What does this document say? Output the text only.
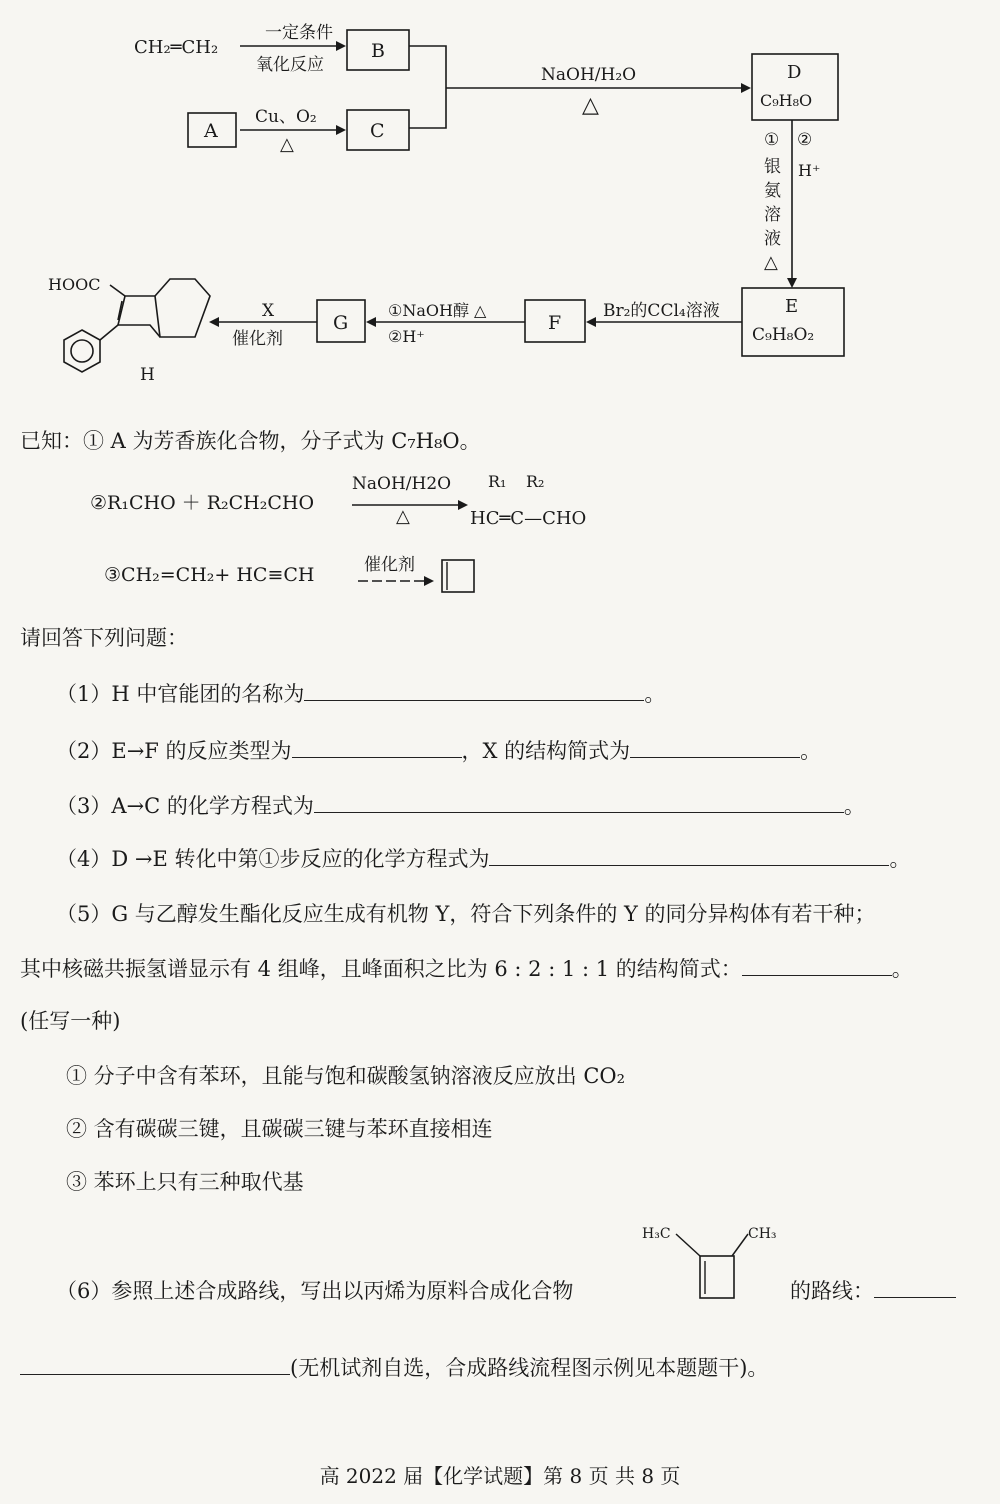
CH₂═CH₂
一定条件
氧化反应
B
A
Cu、O₂
△
C
NaOH/H₂O
△
D
C₉H₈O
①
银
氨
溶
液
△
②
H⁺
E
C₉H₈O₂
Br₂的CCl₄溶液
F
①NaOH醇 △
②H⁺
G
X
催化剂
HOOC
H
已知：① A 为芳香族化合物，分子式为 C₇H₈O。
②R₁CHO ＋ R₂CH₂CHO
NaOH/H2O
△
R₁ R₂
HC═C—CHO
③CH₂=CH₂+ HC≡CH	催化剂
请回答下列问题：
（1）H 中官能团的名称为	。
（2）E→F 的反应类型为	，X 的结构简式为	。
（3）A→C 的化学方程式为	。
（4）D →E 转化中第①步反应的化学方程式为	。
（5）G 与乙醇发生酯化反应生成有机物 Y，符合下列条件的 Y 的同分异构体有若干种；
其中核磁共振氢谱显示有 4 组峰，且峰面积之比为 6 : 2 : 1 : 1 的结构简式：	。
(任写一种)
① 分子中含有苯环，且能与饱和碳酸氢钠溶液反应放出 CO₂
② 含有碳碳三键，且碳碳三键与苯环直接相连
③ 苯环上只有三种取代基
（6）参照上述合成路线，写出以丙烯为原料合成化合物
H₃C	CH₃
的路线：
(无机试剂自选，合成路线流程图示例见本题题干)。
高 2022 届【化学试题】第 8 页 共 8 页
